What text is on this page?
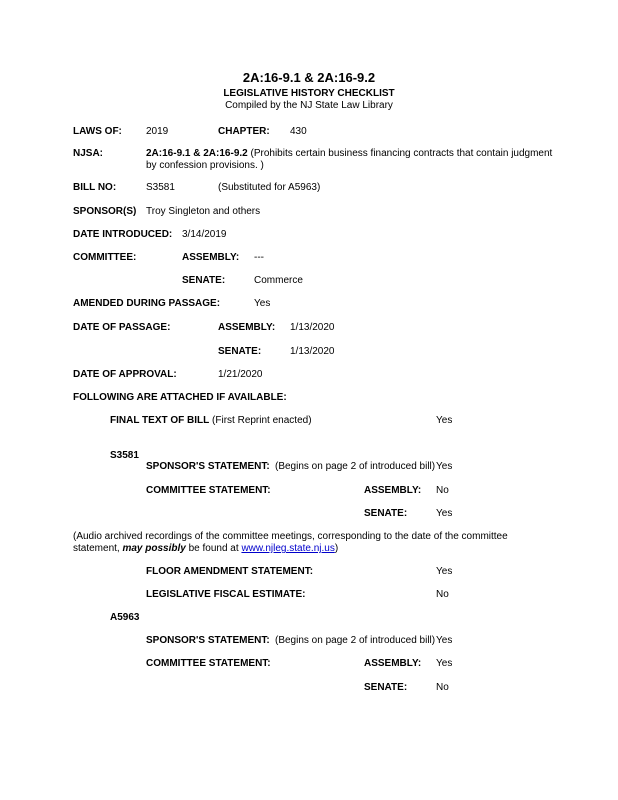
2A:16-9.1 & 2A:16-9.2
LEGISLATIVE HISTORY CHECKLIST
Compiled by the NJ State Law Library
LAWS OF: 2019	CHAPTER: 430
NJSA:	2A:16-9.1 & 2A:16-9.2 (Prohibits certain business financing contracts that contain judgment by confession provisions. )
BILL NO:	S3581	(Substituted for A5963)
SPONSOR(S) Troy Singleton and others
DATE INTRODUCED: 3/14/2019
COMMITTEE:	ASSEMBLY: ---
SENATE:	Commerce
AMENDED DURING PASSAGE:	Yes
DATE OF PASSAGE:	ASSEMBLY: 1/13/2020
SENATE:	1/13/2020
DATE OF APPROVAL:	1/21/2020
FOLLOWING ARE ATTACHED IF AVAILABLE:
FINAL TEXT OF BILL (First Reprint enacted)	Yes
S3581
SPONSOR'S STATEMENT: (Begins on page 2 of introduced bill) Yes
COMMITTEE STATEMENT:	ASSEMBLY: No
SENATE:	Yes
(Audio archived recordings of the committee meetings, corresponding to the date of the committee
statement, may possibly be found at www.njleg.state.nj.us)
FLOOR AMENDMENT STATEMENT:	Yes
LEGISLATIVE FISCAL ESTIMATE:	No
A5963
SPONSOR'S STATEMENT: (Begins on page 2 of introduced bill) Yes
COMMITTEE STATEMENT:	ASSEMBLY: Yes
SENATE:	No
